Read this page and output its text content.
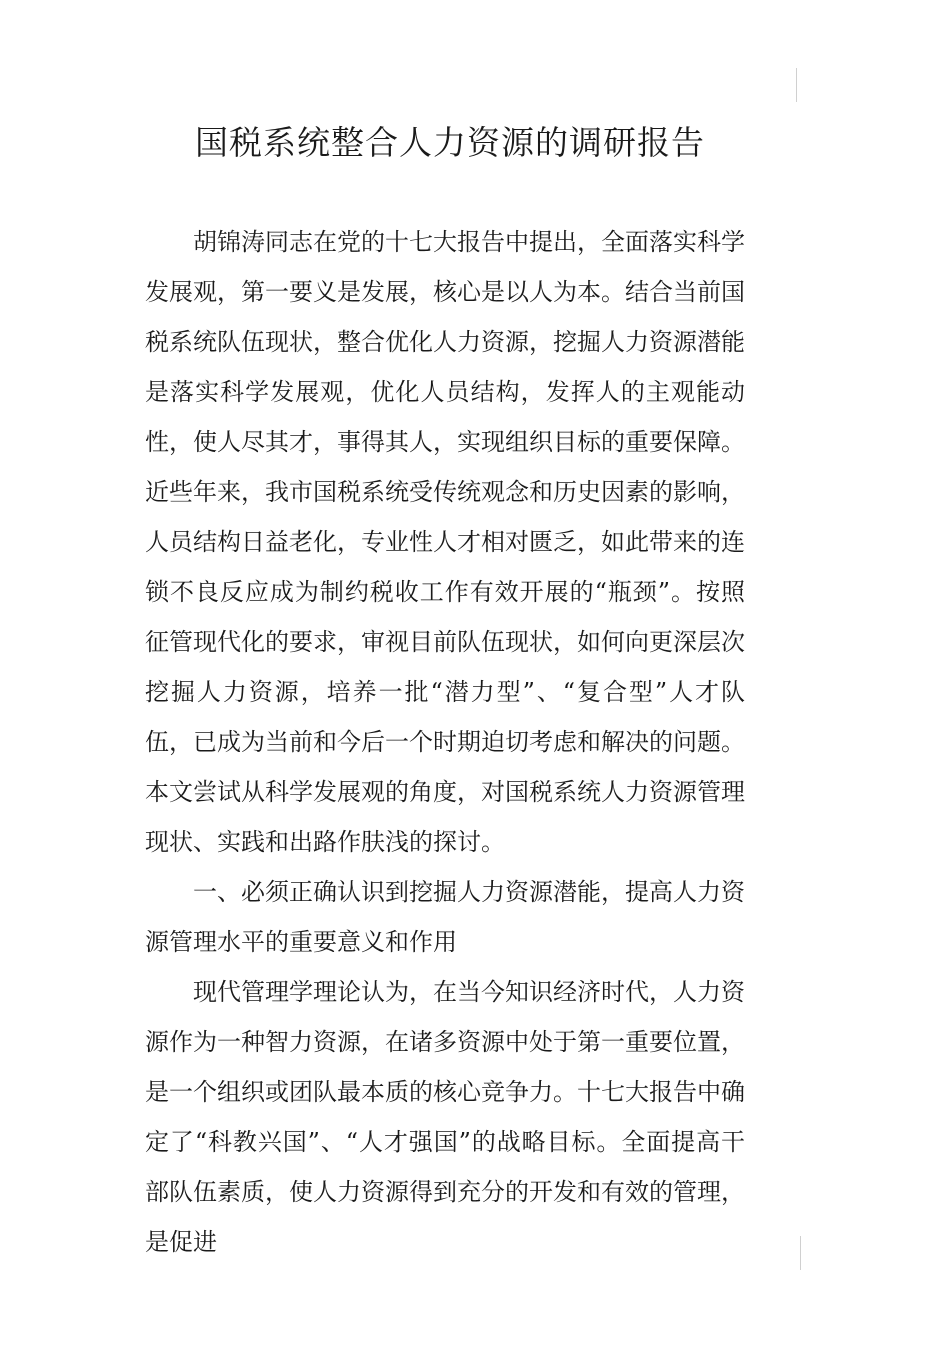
国税系统整合人力资源的调研报告

胡锦涛同志在党的十七大报告中提出，全面落实科学发展观，第一要义是发展，核心是以人为本。结合当前国税系统队伍现状，整合优化人力资源，挖掘人力资源潜能是落实科学发展观，优化人员结构，发挥人的主观能动性，使人尽其才，事得其人，实现组织目标的重要保障。近些年来，我市国税系统受传统观念和历史因素的影响，人员结构日益老化，专业性人才相对匮乏，如此带来的连锁不良反应成为制约税收工作有效开展的“瓶颈”。按照征管现代化的要求，审视目前队伍现状，如何向更深层次挖掘人力资源，培养一批“潜力型”、“复合型”人才队伍，已成为当前和今后一个时期迫切考虑和解决的问题。本文尝试从科学发展观的角度，对国税系统人力资源管理现状、实践和出路作肤浅的探讨。

一、必须正确认识到挖掘人力资源潜能，提高人力资源管理水平的重要意义和作用

现代管理学理论认为，在当今知识经济时代，人力资源作为一种智力资源，在诸多资源中处于第一重要位置，是一个组织或团队最本质的核心竞争力。十七大报告中确定了“科教兴国”、“人才强国”的战略目标。全面提高干部队伍素质，使人力资源得到充分的开发和有效的管理，是促进
